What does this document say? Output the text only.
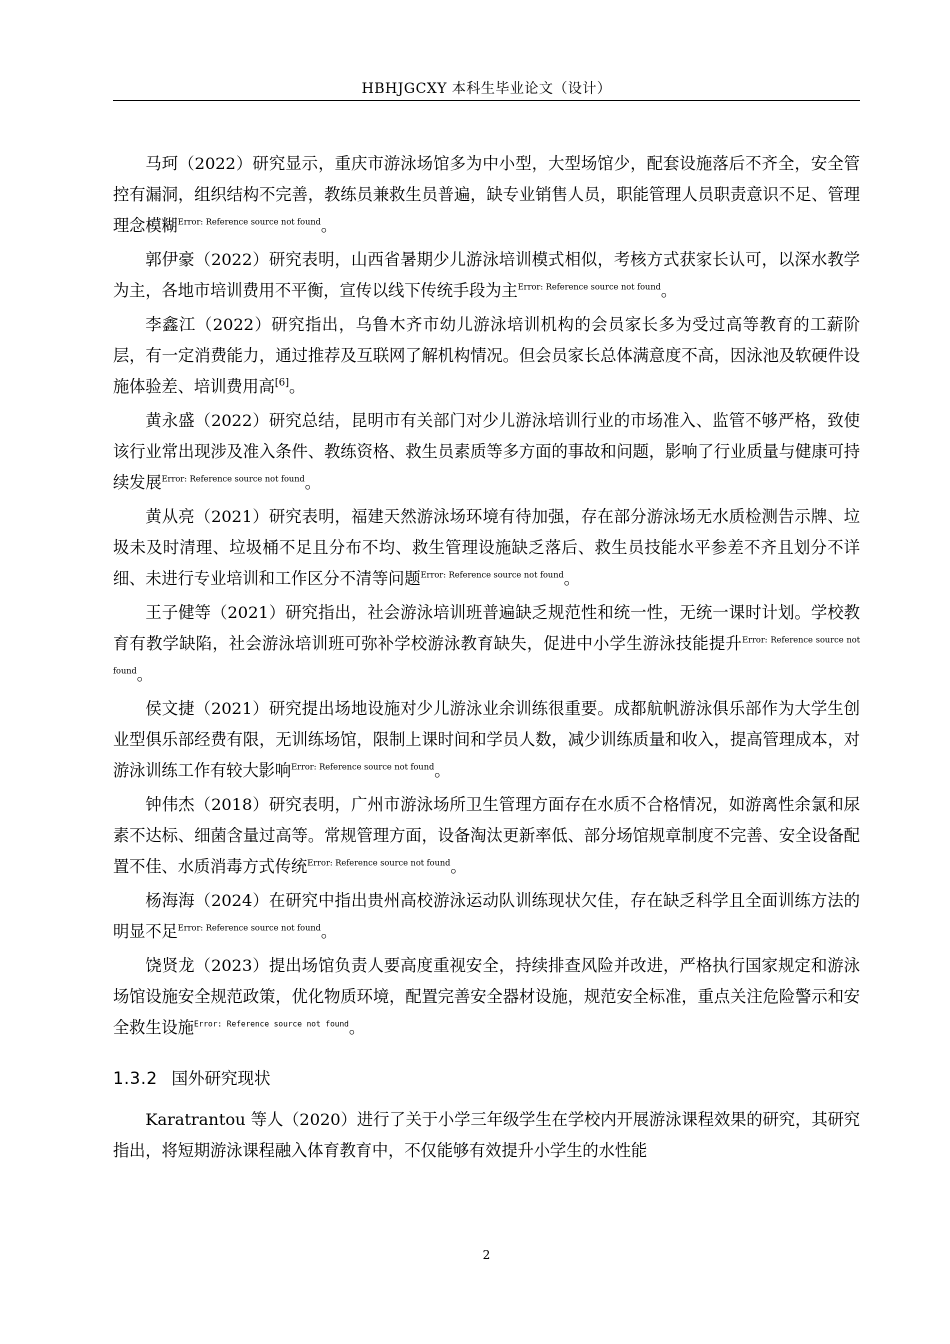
HBHJGCXY 本科生毕业论文（设计）

马珂（2022）研究显示，重庆市游泳场馆多为中小型，大型场馆少，配套设施落后不齐全，安全管控有漏洞，组织结构不完善，教练员兼救生员普遍，缺专业销售人员，职能管理人员职责意识不足、管理理念模糊$^{Error: Reference source not found}$。

郭伊豪（2022）研究表明，山西省暑期少儿游泳培训模式相似，考核方式获家长认可，以深水教学为主，各地市培训费用不平衡，宣传以线下传统手段为主$^{Error: Reference source not found}$。

李鑫江（2022）研究指出，乌鲁木齐市幼儿游泳培训机构的会员家长多为受过高等教育的工薪阶层，有一定消费能力，通过推荐及互联网了解机构情况。但会员家长总体满意度不高，因泳池及软硬件设施体验差、培训费用高[6]。

黄永盛（2022）研究总结，昆明市有关部门对少儿游泳培训行业的市场准入、监管不够严格，致使该行业常出现涉及准入条件、教练资格、救生员素质等多方面的事故和问题，影响了行业质量与健康可持续发展$^{Error: Reference source not found}$。

黄从亮（2021）研究表明，福建天然游泳场环境有待加强，存在部分游泳场无水质检测告示牌、垃圾未及时清理、垃圾桶不足且分布不均、救生管理设施缺乏落后、救生员技能水平参差不齐且划分不详细、未进行专业培训和工作区分不清等问题$^{Error: Reference source not found}$。

王子健等（2021）研究指出，社会游泳培训班普遍缺乏规范性和统一性，无统一课时计划。学校教育有教学缺陷，社会游泳培训班可弥补学校游泳教育缺失，促进中小学生游泳技能提升$^{Error: Reference source not found}$。

侯文捷（2021）研究提出场地设施对少儿游泳业余训练很重要。成都航帆游泳俱乐部作为大学生创业型俱乐部经费有限，无训练场馆，限制上课时间和学员人数，减少训练质量和收入，提高管理成本，对游泳训练工作有较大影响$^{Error: Reference source not found}$。

钟伟杰（2018）研究表明，广州市游泳场所卫生管理方面存在水质不合格情况，如游离性余氯和尿素不达标、细菌含量过高等。常规管理方面，设备淘汰更新率低、部分场馆规章制度不完善、安全设备配置不佳、水质消毒方式传统$^{Error: Reference source not found}$。

杨海海（2024）在研究中指出贵州高校游泳运动队训练现状欠佳，存在缺乏科学且全面训练方法的明显不足$^{Error: Reference source not found}$。

饶贤龙（2023）提出场馆负责人要高度重视安全，持续排查风险并改进，严格执行国家规定和游泳场馆设施安全规范政策，优化物质环境，配置完善安全器材设施，规范安全标准，重点关注危险警示和安全救生设施$^{Error: Reference source not found}$。

1.3.2 国外研究现状

Karatrantou 等人（2020）进行了关于小学三年级学生在学校内开展游泳课程效果的研究，其研究指出，将短期游泳课程融入体育教育中，不仅能够有效提升小学生的水性能

2
